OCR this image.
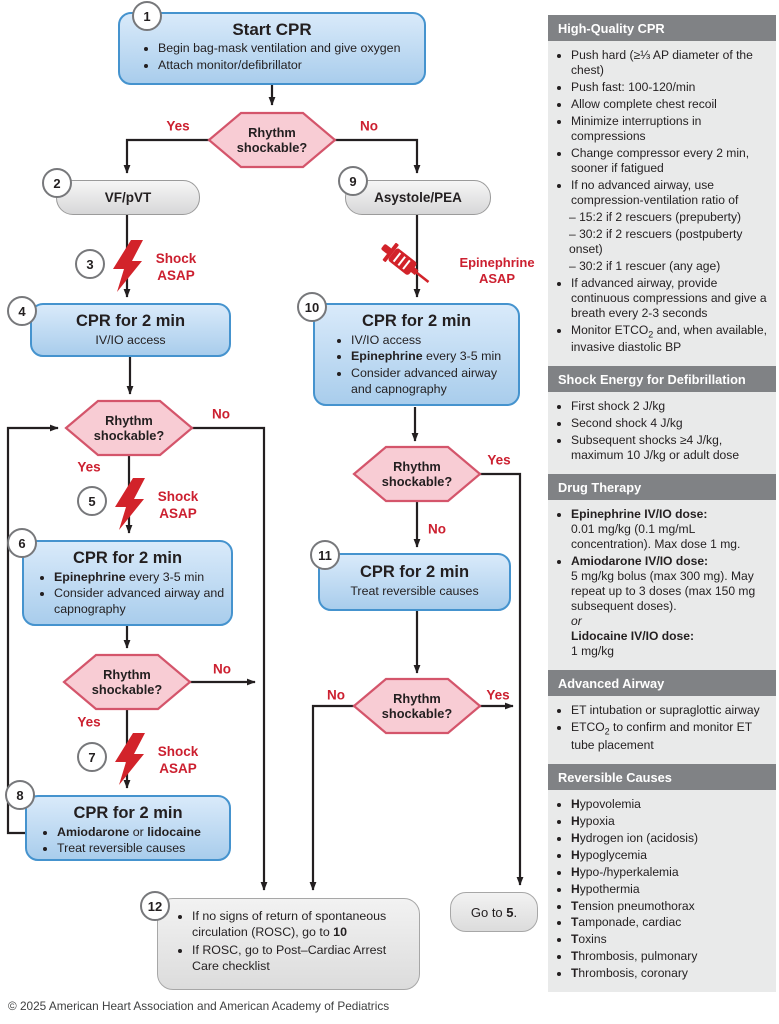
Start CPR
• Begin bag-mask ventilation and give oxygen
• Attach monitor/defibrillator
VF/pVT	Asystole/PEA
CPR for 2 min
IV/IO access
CPR for 2 min
• Epinephrine every 3-5 min
• Consider advanced airway and capnography
CPR for 2 min
• Amiodarone or lidocaine
• Treat reversible causes
CPR for 2 min
• IV/IO access
• Epinephrine every 3-5 min
• Consider advanced airway and capnography
CPR for 2 min
Treat reversible causes
• If no signs of return of spontaneous circulation (ROSC), go to 10
• If ROSC, go to Post–Cardiac Arrest Care checklist
Go to 5.
Rhythm shockable?
Rhythm shockable?
Rhythm shockable?
Rhythm shockable?
Rhythm shockable?
Yes	No
No
Yes
No
Yes
Yes
No
No	Yes
Shock ASAP
Shock ASAP
Shock ASAP
Epinephrine ASAP
1
2
3
4
5
6
7
8
9
10
11
12
High-Quality CPR
• Push hard (≥⅓ AP diameter of the chest)
• Push fast: 100-120/min
• Allow complete chest recoil
• Minimize interruptions in compressions
• Change compressor every 2 min, sooner if fatigued
• If no advanced airway, use compression-ventilation ratio of
– 15:2 if 2 rescuers (prepuberty)
– 30:2 if 2 rescuers (postpuberty onset)
– 30:2 if 1 rescuer (any age)
• If advanced airway, provide continuous compressions and give a breath every 2-3 seconds
• Monitor $ETCO_2$ and, when available, invasive diastolic BP
Shock Energy for Defibrillation
• First shock 2 J/kg
• Second shock 4 J/kg
• Subsequent shocks ≥4 J/kg, maximum 10 J/kg or adult dose
Drug Therapy
• Epinephrine IV/IO dose:
0.01 mg/kg (0.1 mg/mL concentration). Max dose 1 mg.
• Amiodarone IV/IO dose:
5 mg/kg bolus (max 300 mg). May repeat up to 3 doses (max 150 mg subsequent doses).
or
Lidocaine IV/IO dose:
1 mg/kg
Advanced Airway
• ET intubation or supraglottic airway
• $ETCO_2$ to confirm and monitor ET tube placement
Reversible Causes
• Hypovolemia
• Hypoxia
• Hydrogen ion (acidosis)
• Hypoglycemia
• Hypo-/hyperkalemia
• Hypothermia
• Tension pneumothorax
• Tamponade, cardiac
• Toxins
• Thrombosis, pulmonary
• Thrombosis, coronary
© 2025 American Heart Association and American Academy of Pediatrics
